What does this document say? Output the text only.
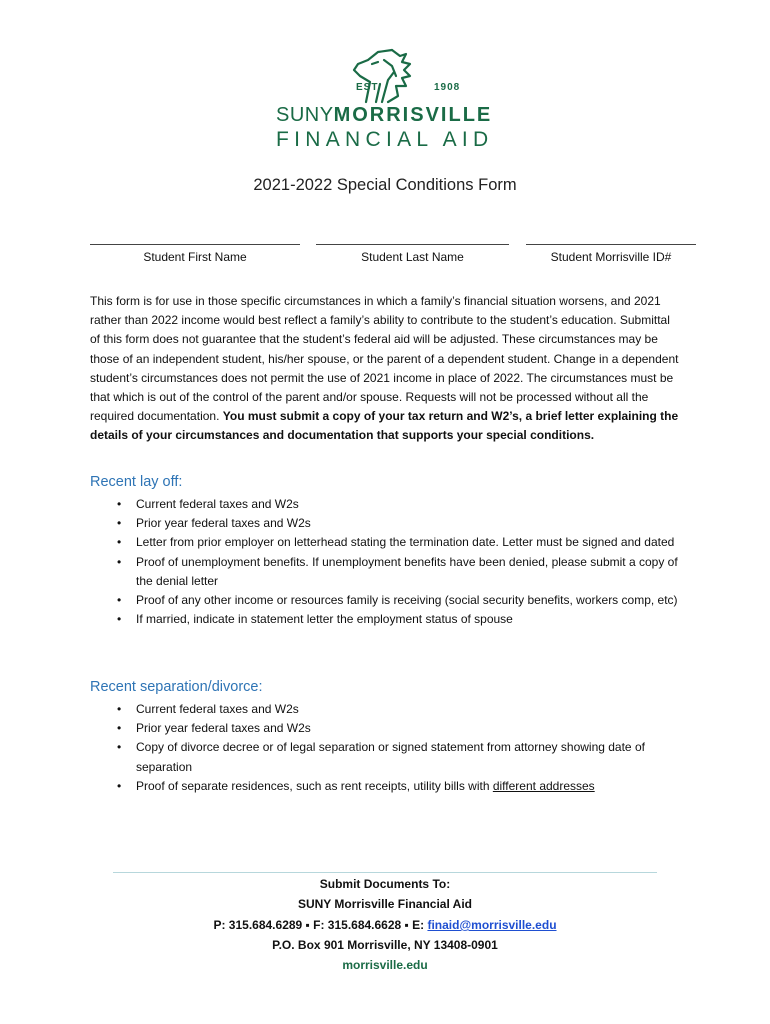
EST.	1908
SUNYMORRISVILLE
FINANCIAL AID
2021-2022 Special Conditions Form
Student First Name	Student Last Name	Student Morrisville ID#
This form is for use in those specific circumstances in which a family’s financial situation worsens, and 2021 rather than 2022 income would best reflect a family’s ability to contribute to the student’s education. Submittal of this form does not guarantee that the student’s federal aid will be adjusted. These circumstances may be those of an independent student, his/her spouse, or the parent of a dependent student. Change in a dependent student’s circumstances does not permit the use of 2021 income in place of 2022. The circumstances must be that which is out of the control of the parent and/or spouse. Requests will not be processed without all the required documentation. You must submit a copy of your tax return and W2’s, a brief letter explaining the details of your circumstances and documentation that supports your special conditions.
Recent lay off:
• Current federal taxes and W2s
• Prior year federal taxes and W2s
• Letter from prior employer on letterhead stating the termination date. Letter must be signed and dated
• Proof of unemployment benefits. If unemployment benefits have been denied, please submit a copy of the denial letter
• Proof of any other income or resources family is receiving (social security benefits, workers comp, etc)
• If married, indicate in statement letter the employment status of spouse
Recent separation/divorce:
• Current federal taxes and W2s
• Prior year federal taxes and W2s
• Copy of divorce decree or of legal separation or signed statement from attorney showing date of separation
• Proof of separate residences, such as rent receipts, utility bills with different addresses
Submit Documents To:
SUNY Morrisville Financial Aid
P: 315.684.6289 ▪ F: 315.684.6628 ▪ E: finaid@morrisville.edu
P.O. Box 901 Morrisville, NY 13408-0901
morrisville.edu
